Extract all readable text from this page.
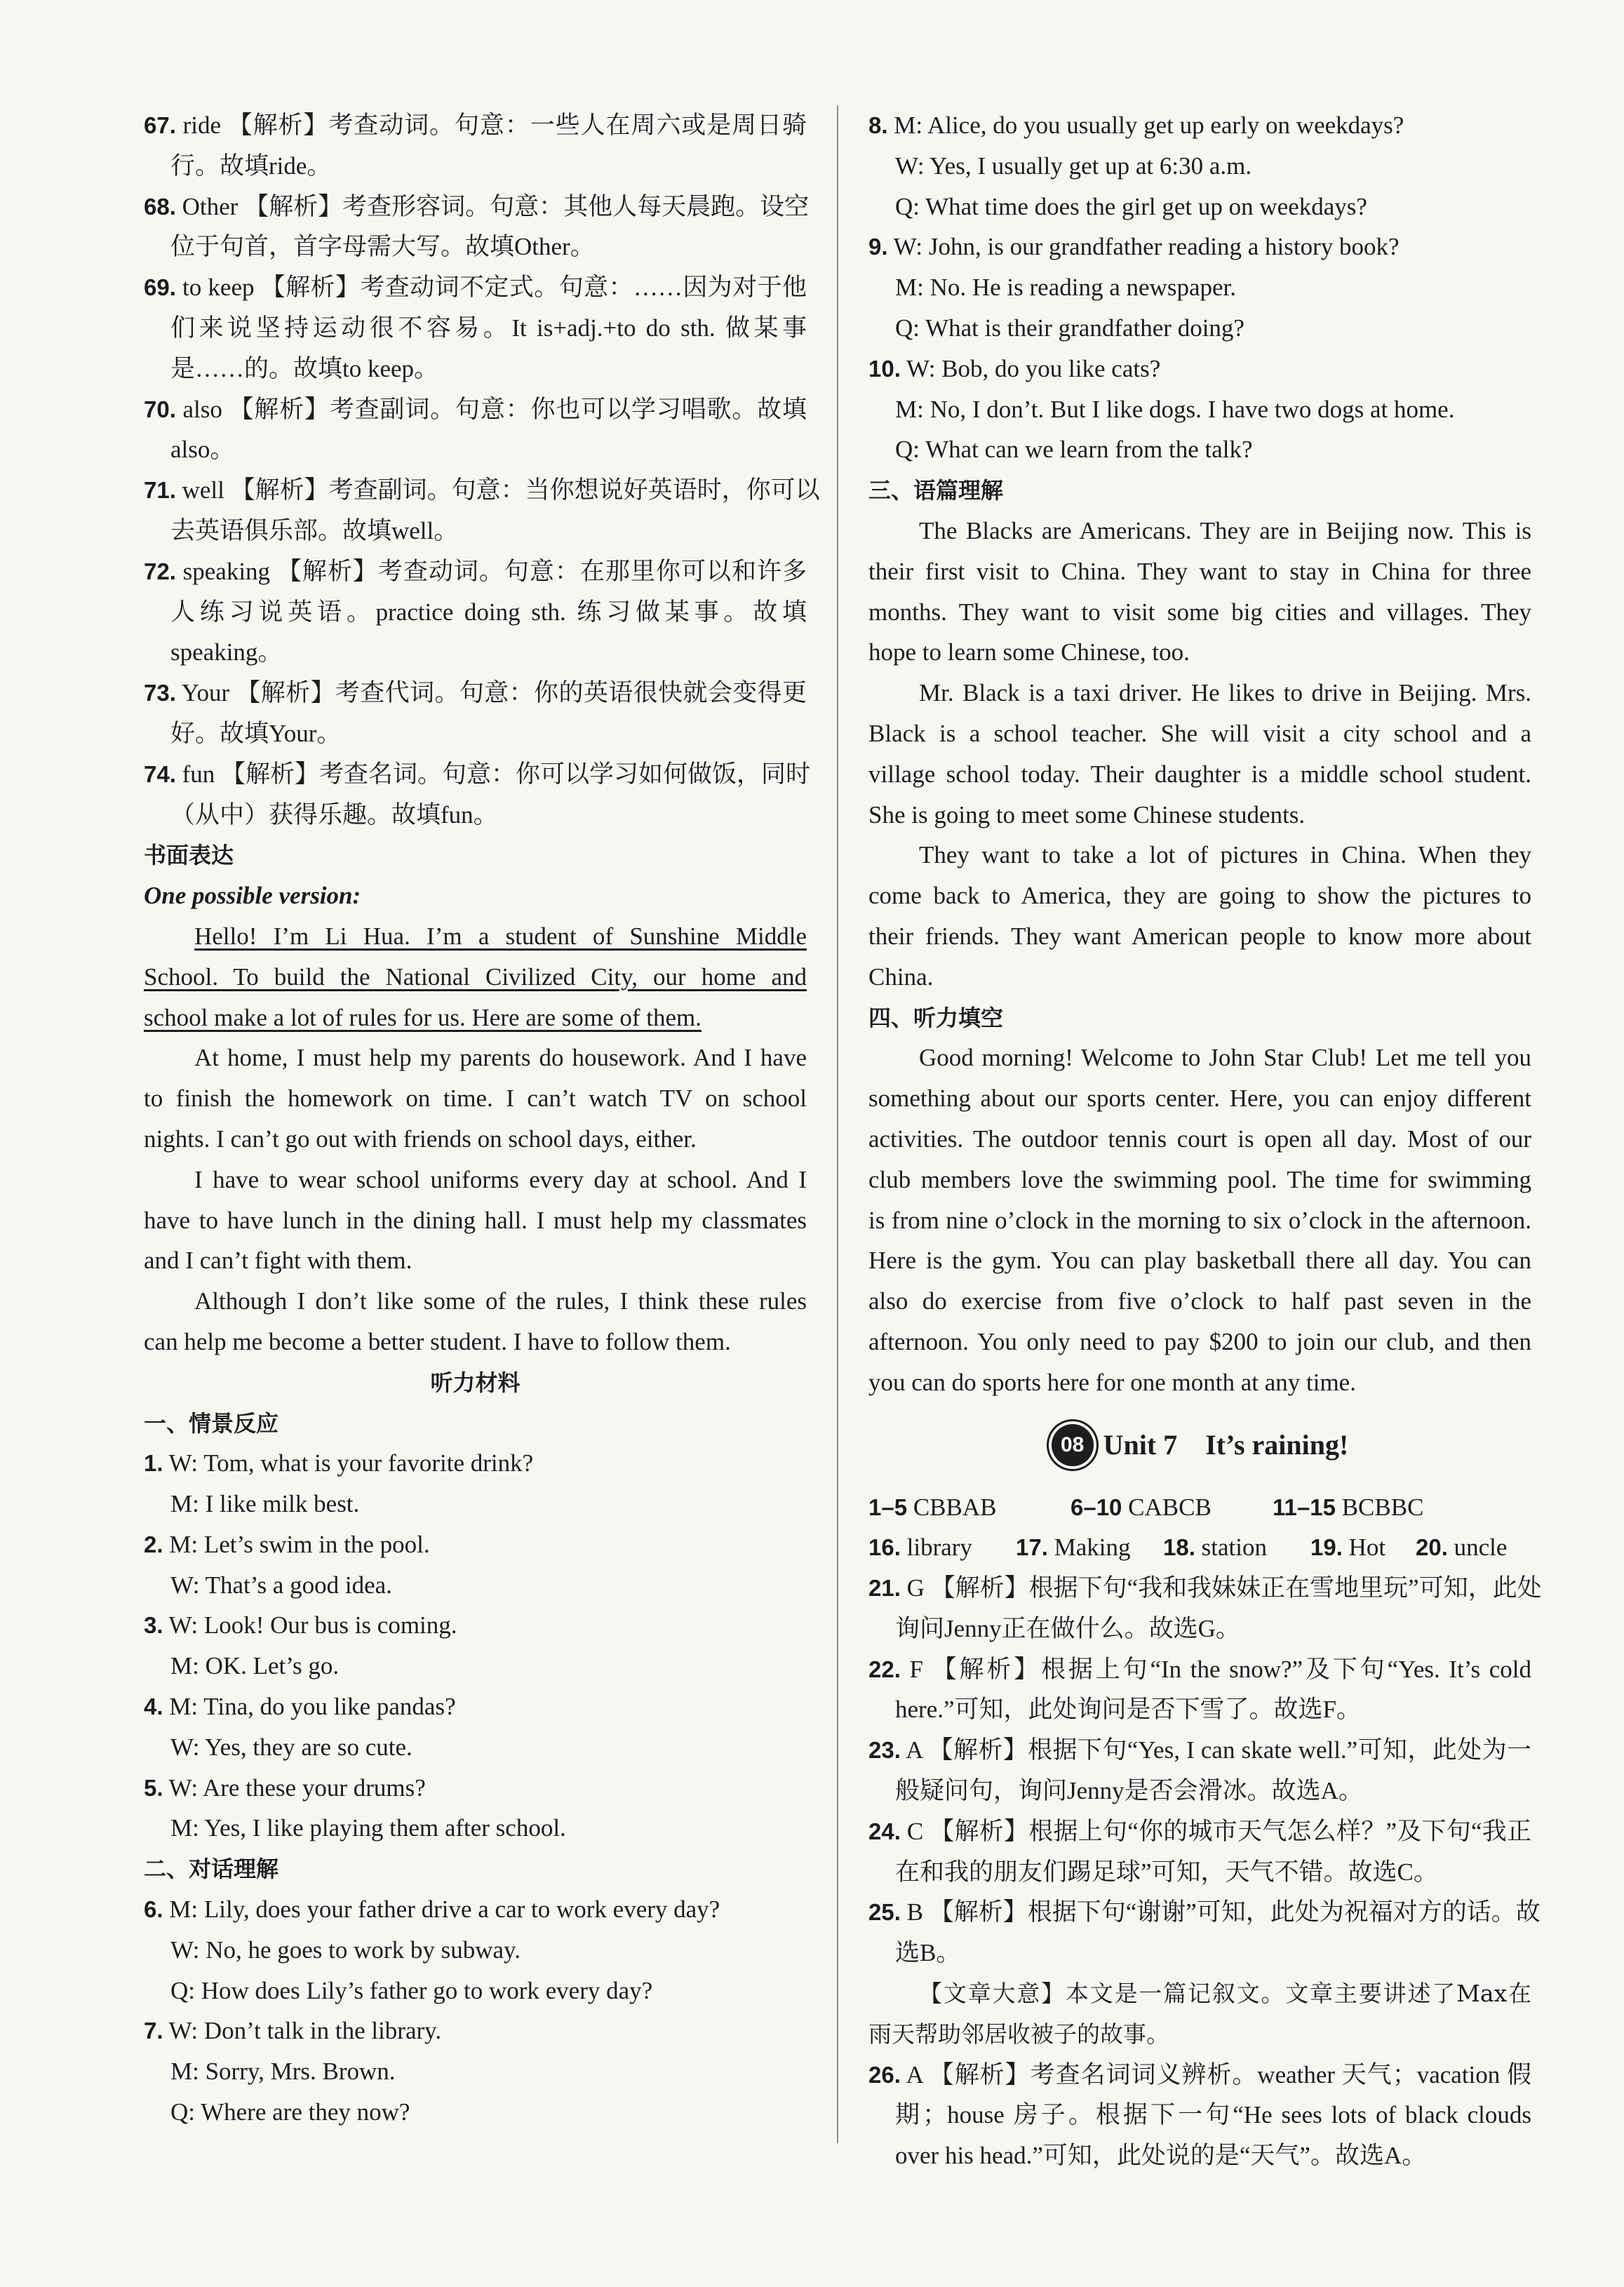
67. ride 【解析】考查动词。句意：一些人在周六或是周日骑
行。故填ride。
68. Other 【解析】考查形容词。句意：其他人每天晨跑。设空
位于句首，首字母需大写。故填Other。
69. to keep 【解析】考查动词不定式。句意：……因为对于他
们来说坚持运动很不容易。It is+adj.+to do sth. 做某事
是……的。故填to keep。
70. also 【解析】考查副词。句意：你也可以学习唱歌。故填
also。
71. well 【解析】考查副词。句意：当你想说好英语时，你可以
去英语俱乐部。故填well。
72. speaking 【解析】考查动词。句意：在那里你可以和许多
人练习说英语。practice doing sth. 练习做某事。故填
speaking。
73. Your 【解析】考查代词。句意：你的英语很快就会变得更
好。故填Your。
74. fun 【解析】考查名词。句意：你可以学习如何做饭，同时
（从中）获得乐趣。故填fun。
书面表达
One possible version:
Hello! I’m Li Hua. I’m a student of Sunshine Middle
School. To build the National Civilized City, our home and
school make a lot of rules for us. Here are some of them.
At home, I must help my parents do housework. And I have
to finish the homework on time. I can’t watch TV on school
nights. I can’t go out with friends on school days, either.
I have to wear school uniforms every day at school. And I
have to have lunch in the dining hall. I must help my classmates
and I can’t fight with them.
Although I don’t like some of the rules, I think these rules
can help me become a better student. I have to follow them.
听力材料
一、情景反应
1. W: Tom, what is your favorite drink?
M: I like milk best.
2. M: Let’s swim in the pool.
W: That’s a good idea.
3. W: Look! Our bus is coming.
M: OK. Let’s go.
4. M: Tina, do you like pandas?
W: Yes, they are so cute.
5. W: Are these your drums?
M: Yes, I like playing them after school.
二、对话理解
6. M: Lily, does your father drive a car to work every day?
W: No, he goes to work by subway.
Q: How does Lily’s father go to work every day?
7. W: Don’t talk in the library.
M: Sorry, Mrs. Brown.
Q: Where are they now?
8. M: Alice, do you usually get up early on weekdays?
W: Yes, I usually get up at 6:30 a.m.
Q: What time does the girl get up on weekdays?
9. W: John, is our grandfather reading a history book?
M: No. He is reading a newspaper.
Q: What is their grandfather doing?
10. W: Bob, do you like cats?
M: No, I don’t. But I like dogs. I have two dogs at home.
Q: What can we learn from the talk?
三、语篇理解
The Blacks are Americans. They are in Beijing now. This is
their first visit to China. They want to stay in China for three
months. They want to visit some big cities and villages. They
hope to learn some Chinese, too.
Mr. Black is a taxi driver. He likes to drive in Beijing. Mrs.
Black is a school teacher. She will visit a city school and a
village school today. Their daughter is a middle school student.
She is going to meet some Chinese students.
They want to take a lot of pictures in China. When they
come back to America, they are going to show the pictures to
their friends. They want American people to know more about
China.
四、听力填空
Good morning! Welcome to John Star Club! Let me tell you
something about our sports center. Here, you can enjoy different
activities. The outdoor tennis court is open all day. Most of our
club members love the swimming pool. The time for swimming
is from nine o’clock in the morning to six o’clock in the afternoon.
Here is the gym. You can play basketball there all day. You can
also do exercise from five o’clock to half past seven in the
afternoon. You only need to pay $200 to join our club, and then
you can do sports here for one month at any time.
08 Unit 7 It’s raining!
1–5 CBBAB	6–10 CABCB	11–15 BCBBC
16. library	17. Making	18. station	19. Hot	20. uncle
21. G 【解析】根据下句“我和我妹妹正在雪地里玩”可知，此处
询问Jenny正在做什么。故选G。
22. F 【解析】根据上句“In the snow?”及下句“Yes. It’s cold
here.”可知，此处询问是否下雪了。故选F。
23. A 【解析】根据下句“Yes, I can skate well.”可知，此处为一
般疑问句，询问Jenny是否会滑冰。故选A。
24. C 【解析】根据上句“你的城市天气怎么样？”及下句“我正
在和我的朋友们踢足球”可知，天气不错。故选C。
25. B 【解析】根据下句“谢谢”可知，此处为祝福对方的话。故
选B。
【文章大意】本文是一篇记叙文。文章主要讲述了Max在
雨天帮助邻居收被子的故事。
26. A 【解析】考查名词词义辨析。weather 天气；vacation 假
期；house 房子。根据下一句“He sees lots of black clouds
over his head.”可知，此处说的是“天气”。故选A。
